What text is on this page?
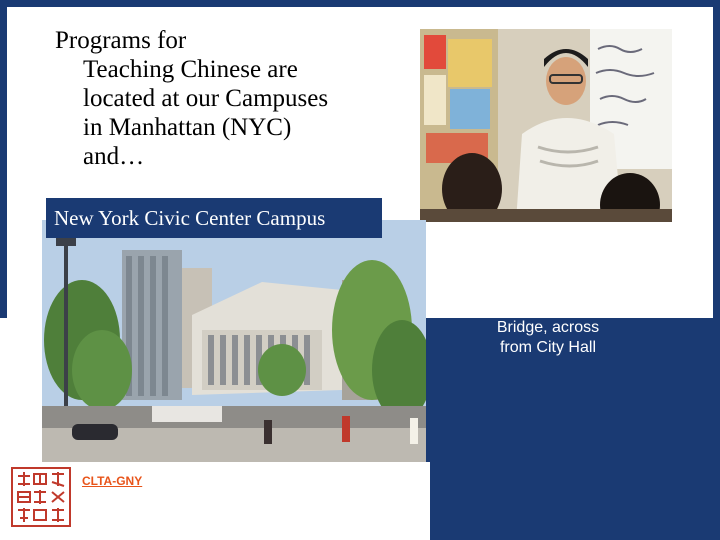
Programs for
Teaching Chinese are
located at our Campuses
in Manhattan (NYC)
and…
New York Civic Center Campus
At the Brooklyn
Bridge, across
from City Hall
CLTA-GNY
